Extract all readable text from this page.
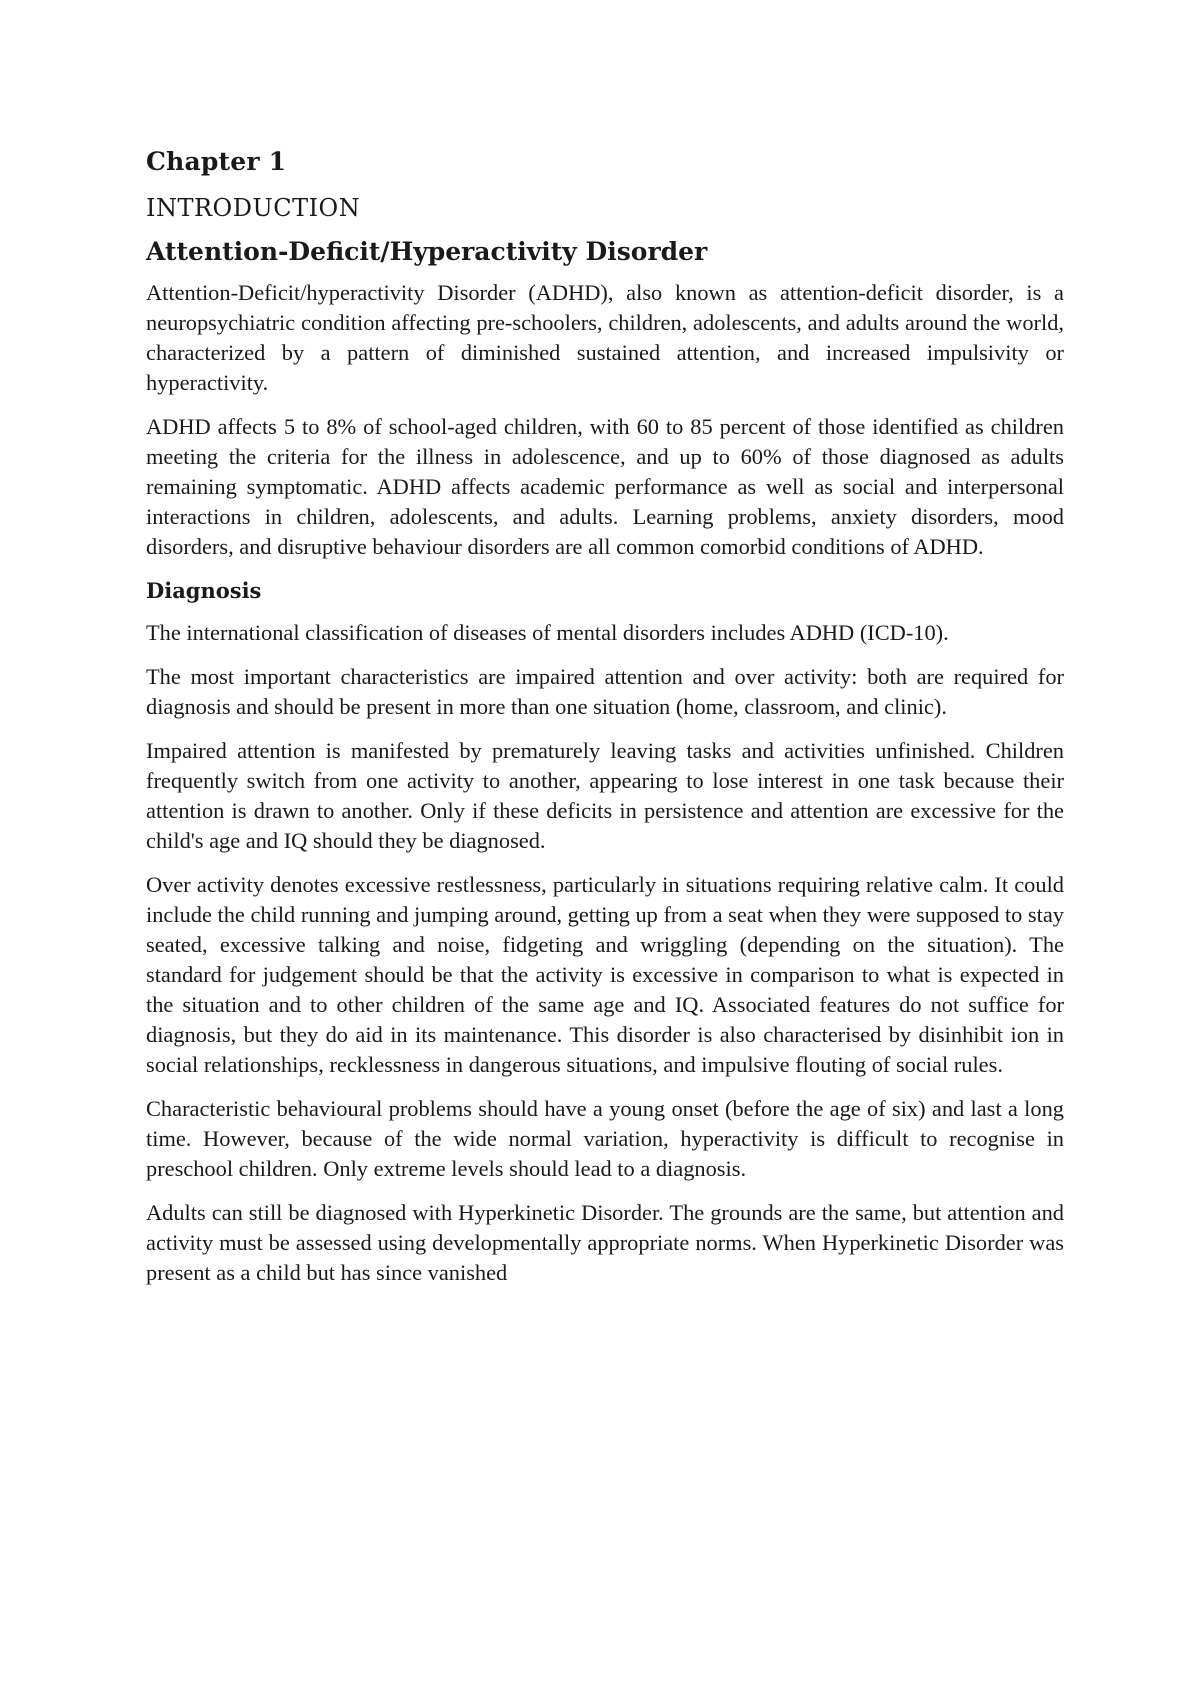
Chapter 1
INTRODUCTION
Attention-Deficit/Hyperactivity Disorder

Attention-Deficit/hyperactivity Disorder (ADHD), also known as attention-deficit disorder, is a neuropsychiatric condition affecting pre-schoolers, children, adolescents, and adults around the world, characterized by a pattern of diminished sustained attention, and increased impulsivity or hyperactivity.

ADHD affects 5 to 8% of school-aged children, with 60 to 85 percent of those identified as children meeting the criteria for the illness in adolescence, and up to 60% of those diagnosed as adults remaining symptomatic. ADHD affects academic performance as well as social and interpersonal interactions in children, adolescents, and adults. Learning problems, anxiety disorders, mood disorders, and disruptive behaviour disorders are all common comorbid conditions of ADHD.

Diagnosis

The international classification of diseases of mental disorders includes ADHD (ICD-10).

The most important characteristics are impaired attention and over activity: both are required for diagnosis and should be present in more than one situation (home, classroom, and clinic).

Impaired attention is manifested by prematurely leaving tasks and activities unfinished. Children frequently switch from one activity to another, appearing to lose interest in one task because their attention is drawn to another. Only if these deficits in persistence and attention are excessive for the child's age and IQ should they be diagnosed.

Over activity denotes excessive restlessness, particularly in situations requiring relative calm. It could include the child running and jumping around, getting up from a seat when they were supposed to stay seated, excessive talking and noise, fidgeting and wriggling (depending on the situation). The standard for judgement should be that the activity is excessive in comparison to what is expected in the situation and to other children of the same age and IQ. Associated features do not suffice for diagnosis, but they do aid in its maintenance. This disorder is also characterised by disinhibit ion in social relationships, recklessness in dangerous situations, and impulsive flouting of social rules.

Characteristic behavioural problems should have a young onset (before the age of six) and last a long time. However, because of the wide normal variation, hyperactivity is difficult to recognise in preschool children. Only extreme levels should lead to a diagnosis.

Adults can still be diagnosed with Hyperkinetic Disorder. The grounds are the same, but attention and activity must be assessed using developmentally appropriate norms. When Hyperkinetic Disorder was present as a child but has since vanished
